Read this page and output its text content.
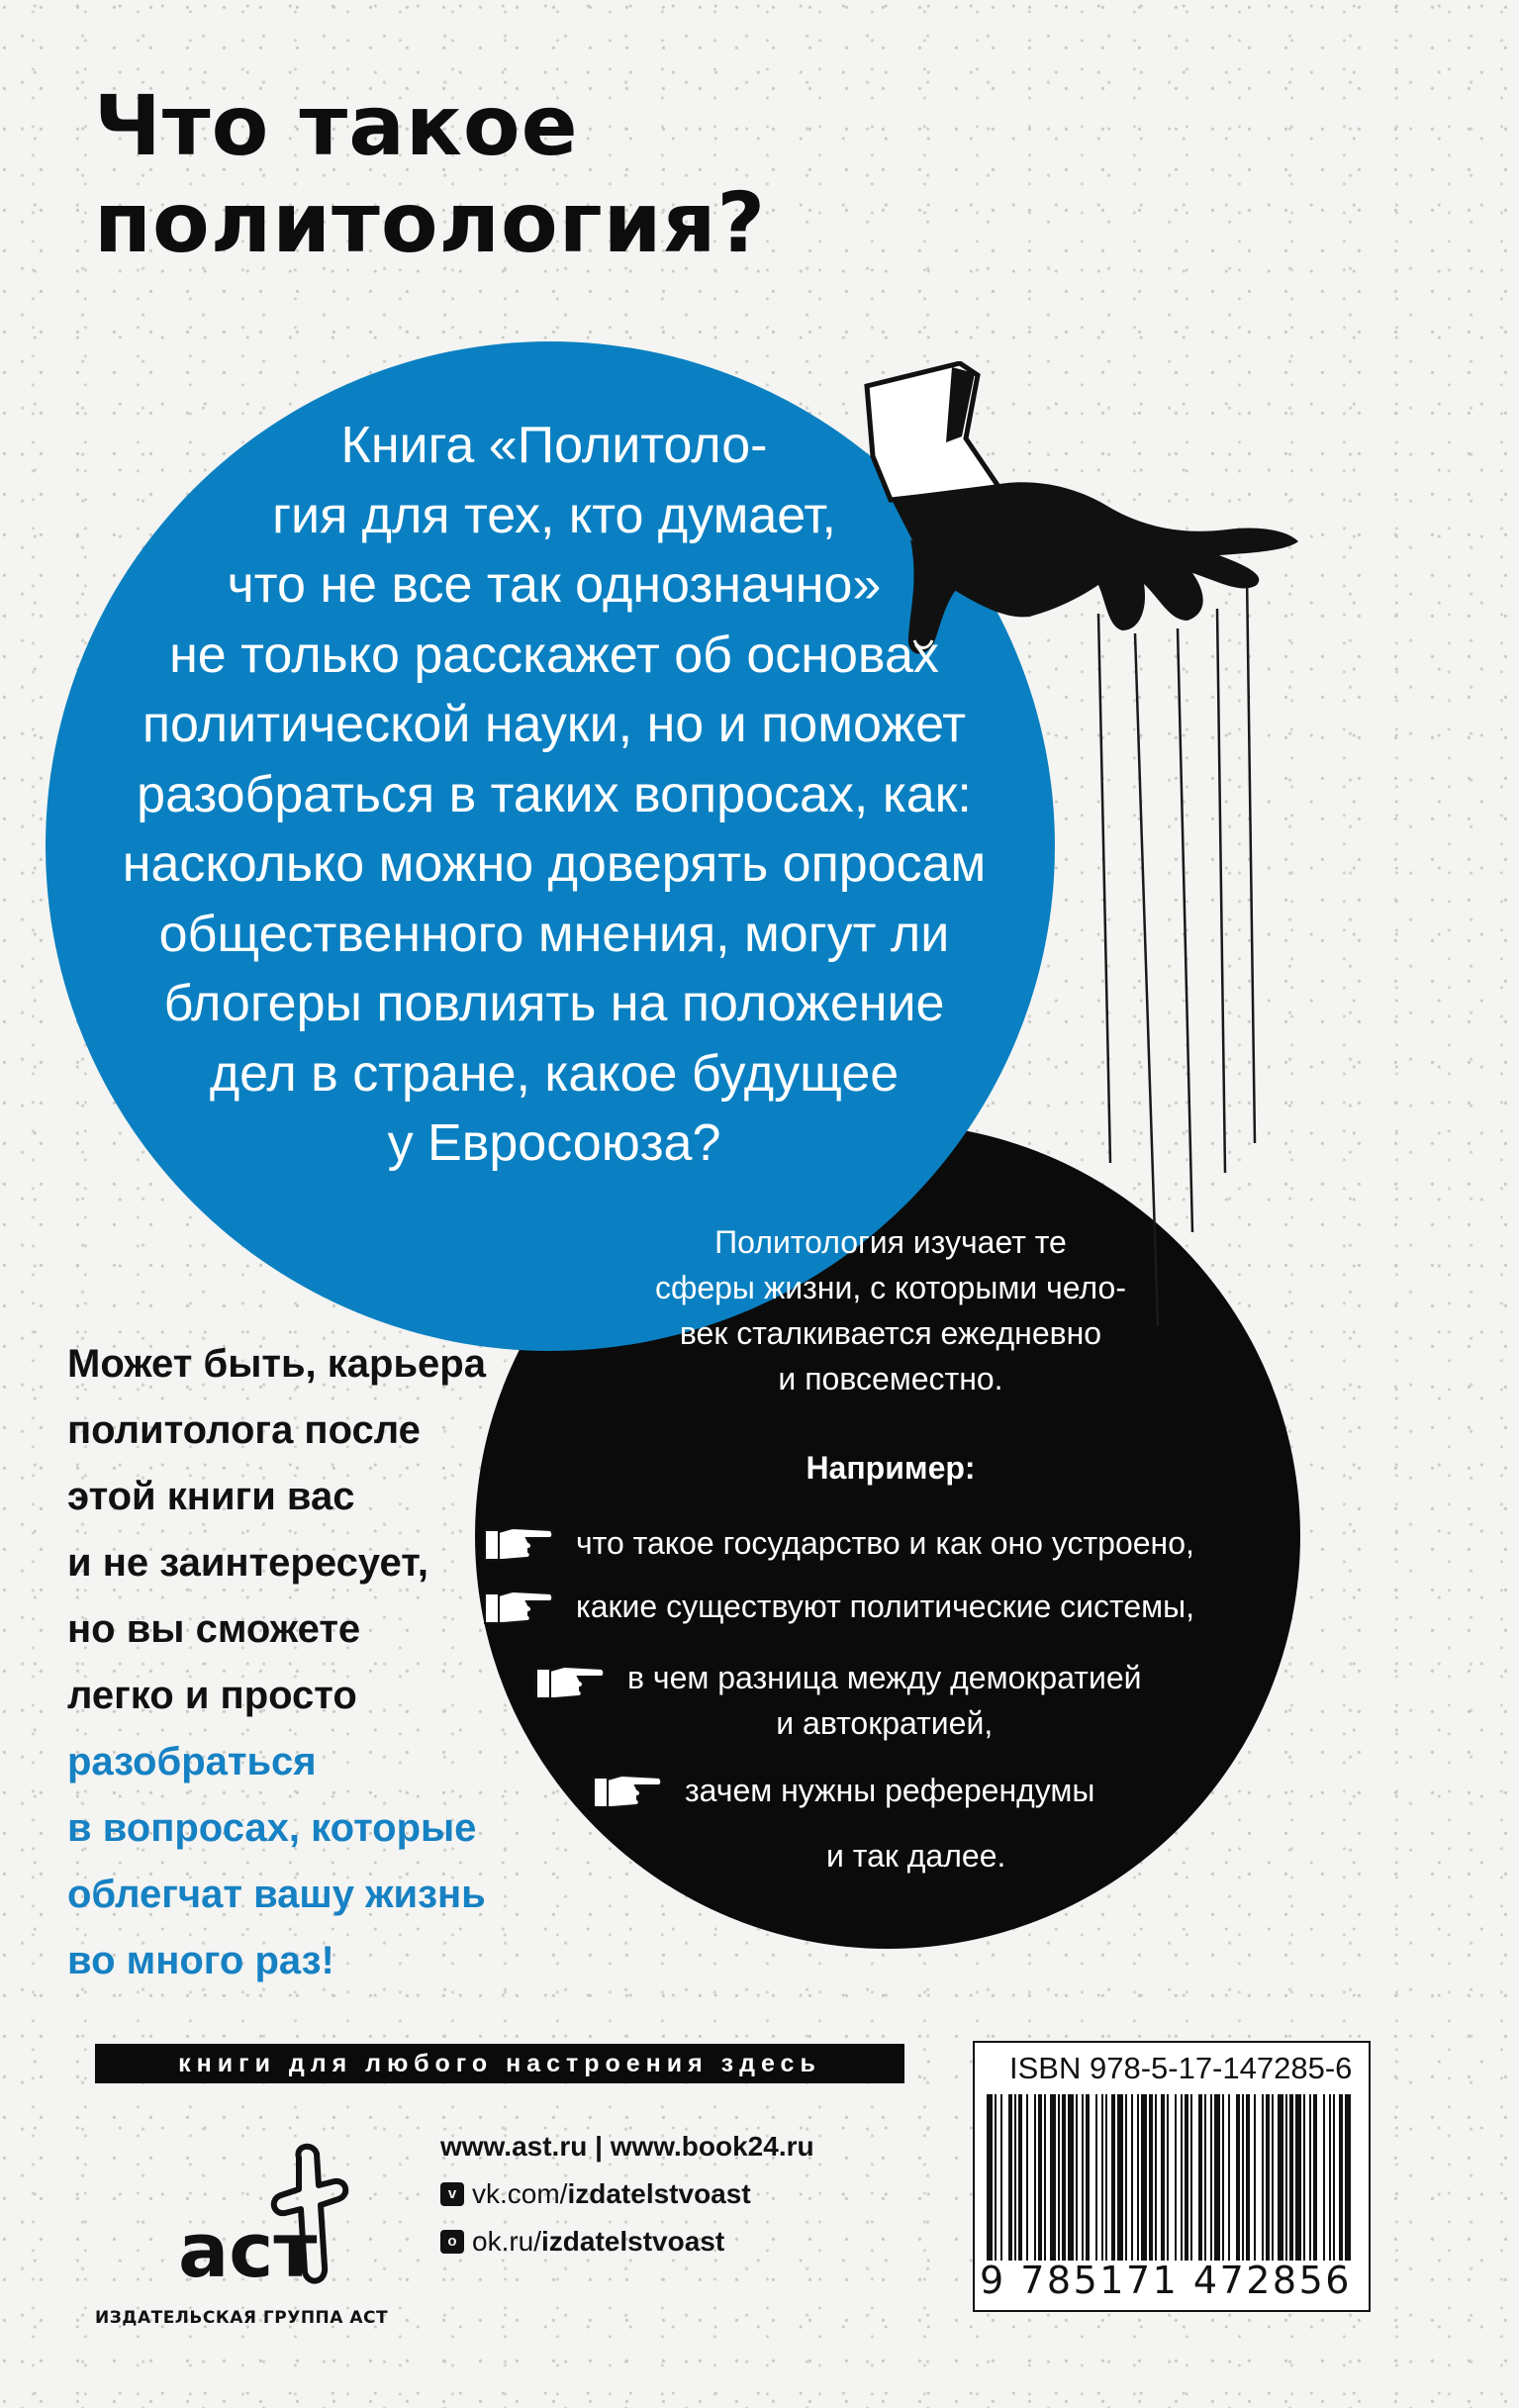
Что такое
политология?
Книга «Политоло-
гия для тех, кто думает,
что не все так однозначно»
не только расскажет об основах
политической науки, но и поможет
разобраться в таких вопросах, как:
насколько можно доверять опросам
общественного мнения, могут ли
блогеры повлиять на положение
дел в стране, какое будущее
у Евросоюза?
Политология изучает те
сферы жизни, с которыми чело-
век сталкивается ежедневно
и повсеместно.
Например:
что такое государство и как оно устроено,
какие существуют политические системы,
в чем разница между демократией
и автократией,
зачем нужны референдумы
и так далее.
Может быть, карьера
политолога после
этой книги вас
и не заинтересует,
но вы сможете
легко и просто
разобраться
в вопросах, которые
облегчат вашу жизнь
во много раз!
книги для любого настроения здесь
аст
ИЗДАТЕЛЬСКАЯ ГРУППА АСТ
www.ast.ru | www.book24.ru
v vk.com/ izdatelstvoast
o ok.ru/ izdatelstvoast
ISBN 978-5-17-147285-6
9 785171 472856
